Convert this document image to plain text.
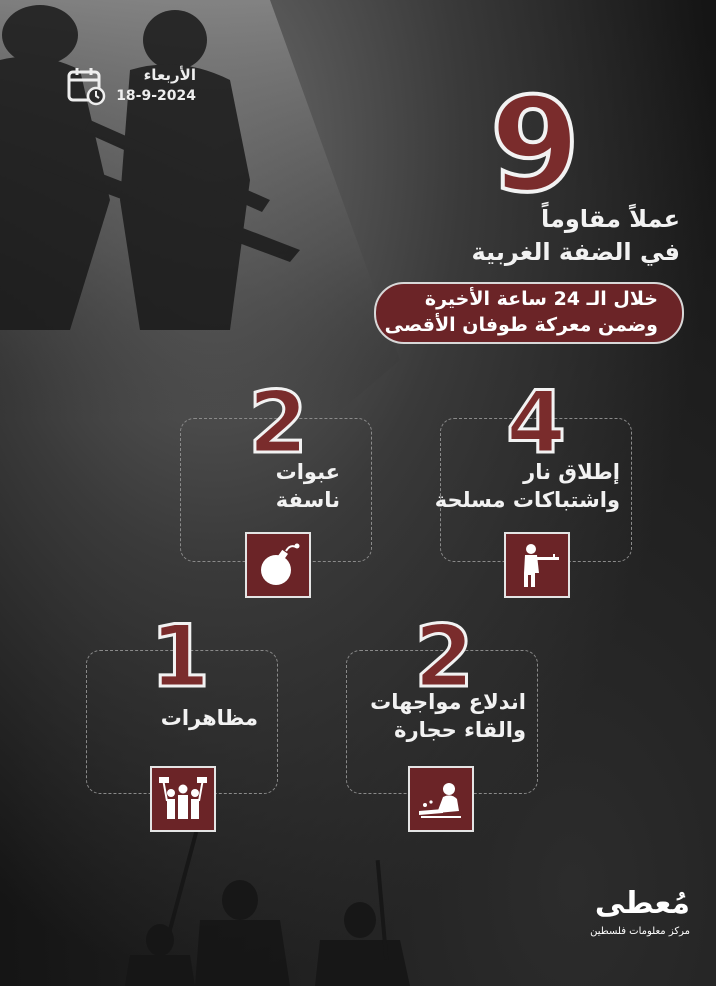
الأربعاء
18-9-2024 9
عملاً مقاوماً
في الضفة الغربية
خلال الـ 24 ساعة الأخيرة
وضمن معركة طوفان الأقصى
4
إطلاق نار
واشتباكات مسلحة
2
عبوات
ناسفة
2
اندلاع مواجهات
والقاء حجارة
1
مظاهرات
مُعطى
مركز معلومات فلسطين
